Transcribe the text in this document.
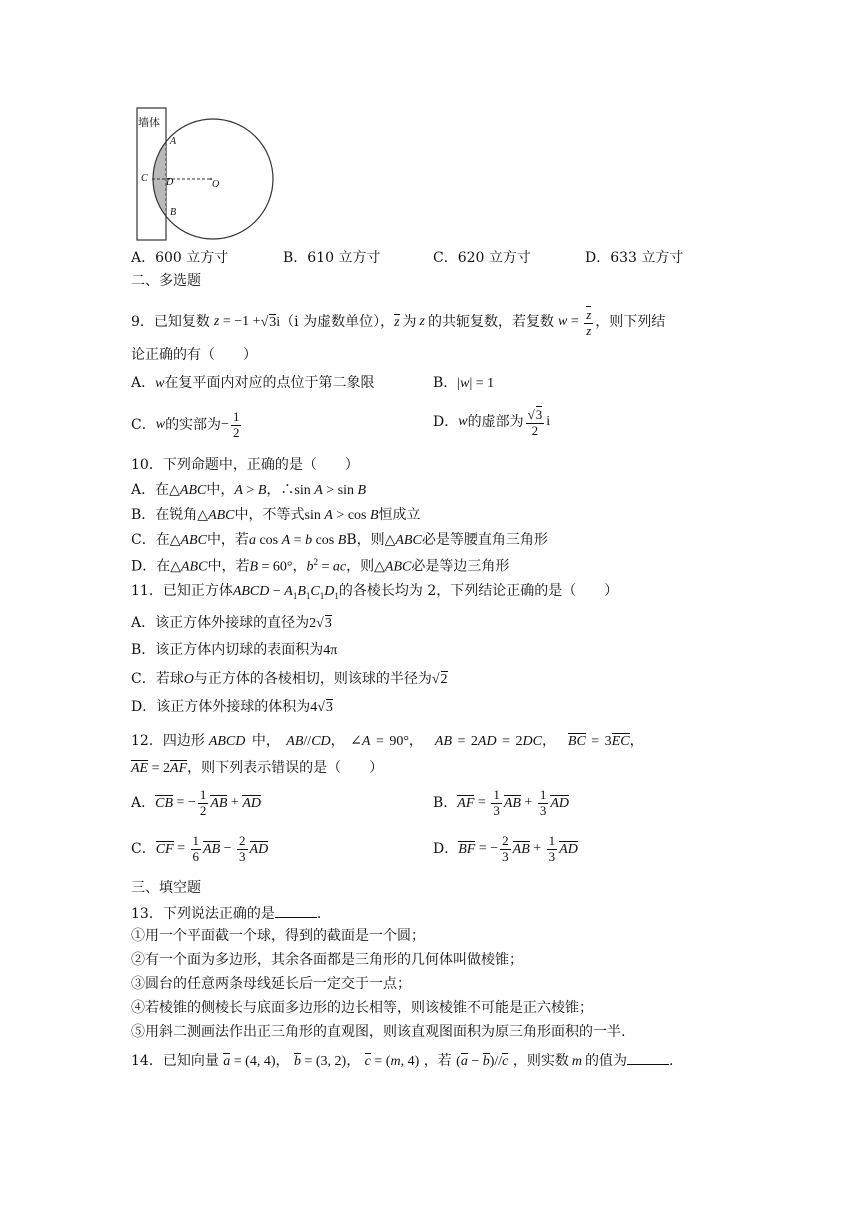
墙体
A
C D	O
B
A．600 立方寸	B．610 立方寸	C．620 立方寸	D．633 立方寸
二、多选题
9．已知复数 z = −1 + √3i （i 为虚数单位）， z 为 z 的共轭复数，若复数 $w = \frac{z}{z}$ ，则下列结
论正确的有（　　）
A．w在复平面内对应的点位于第二象限	B．|w| = 1
C． w 的实部为 − $\frac{1}{2}$	D． w 的虚部为 $\frac{√3}{2}$ i
10．下列命题中，正确的是（　　）
A．在△ABC中，A > B，∴sin A > sin B
B．在锐角△ABC中，不等式sin A > cos B恒成立
C．在△ABC中，若a cos A = b cos BB，则△ABC必是等腰直角三角形
D．在△ABC中，若B = 60°，$b^2$ = ac，则△ABC必是等边三角形
11．已知正方体ABCD − $A_1B_1C_1D_1$的各棱长均为 2，下列结论正确的是（　　）
A．该正方体外接球的直径为2√3
B．该正方体内切球的表面积为4π
C．若球O与正方体的各棱相切，则该球的半径为√2
D．该正方体外接球的体积为4√3
12．四边形 ABCD 中， AB//CD， ∠A = 90°，  AB = 2AD = 2DC，  BC = 3EC，
AE = 2AF，则下列表示错误的是（　　）
A． CB = − $\frac{1}{2}$ AB + AD	B． AF = $\frac{1}{3}$ AB + $\frac{1}{3}$ AD
C． CF = $\frac{1}{6}$ AB − $\frac{2}{3}$ AD	D． BF = − $\frac{2}{3}$ AB + $\frac{1}{3}$ AD
三、填空题
13．下列说法正确的是	.
①用一个平面截一个球，得到的截面是一个圆；
②有一个面为多边形，其余各面都是三角形的几何体叫做棱锥；
③圆台的任意两条母线延长后一定交于一点；
④若棱锥的侧棱长与底面多边形的边长相等，则该棱锥不可能是正六棱锥；
⑤用斜二测画法作出正三角形的直观图，则该直观图面积为原三角形面积的一半.
14．已知向量 a = (4, 4)， b = (3, 2)， c = (m, 4) ，若 (a − b)//c ，则实数 m 的值为	.
